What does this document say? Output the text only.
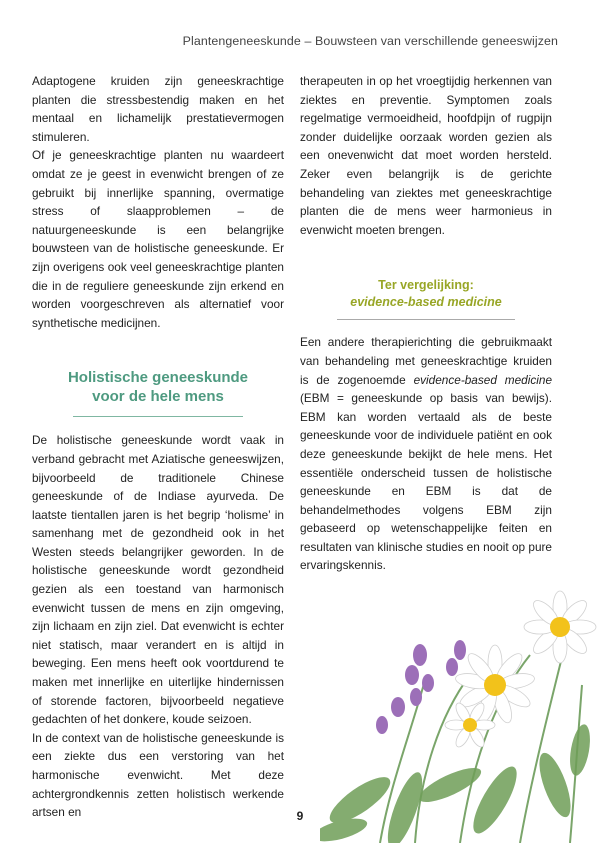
Plantengeneeskunde – Bouwsteen van verschillende geneeswijzen

Adaptogene kruiden zijn geneeskrachtige planten die stressbestendig maken en het mentaal en lichamelijk prestatievermogen stimuleren.

Of je geneeskrachtige planten nu waardeert omdat ze je geest in evenwicht brengen of ze gebruikt bij innerlijke spanning, overmatige stress of slaapproblemen – de natuurgeneeskunde is een belangrijke bouwsteen van de holistische geneeskunde. Er zijn overigens ook veel geneeskrachtige planten die in de reguliere geneeskunde zijn erkend en worden voorgeschreven als alternatief voor synthetische medicijnen.

Holistische geneeskunde
voor de hele mens

De holistische geneeskunde wordt vaak in verband gebracht met Aziatische geneeswijzen, bijvoorbeeld de traditionele Chinese geneeskunde of de Indiase ayurveda. De laatste tientallen jaren is het begrip ‘holisme’ in samenhang met de gezondheid ook in het Westen steeds belangrijker geworden. In de holistische geneeskunde wordt gezondheid gezien als een toestand van harmonisch evenwicht tussen de mens en zijn omgeving, zijn lichaam en zijn ziel. Dat evenwicht is echter niet statisch, maar verandert en is altijd in beweging. Een mens heeft ook voortdurend te maken met innerlijke en uiterlijke hindernissen of storende factoren, bijvoorbeeld negatieve gedachten of het donkere, koude seizoen.

In de context van de holistische geneeskunde is een ziekte dus een verstoring van het harmonische evenwicht. Met deze achtergrondkennis zetten holistisch werkende artsen en

therapeuten in op het vroegtijdig herkennen van ziektes en preventie. Symptomen zoals regelmatige vermoeidheid, hoofdpijn of rugpijn zonder duidelijke oorzaak worden gezien als een onevenwicht dat moet worden hersteld. Zeker even belangrijk is de gerichte behandeling van ziektes met geneeskrachtige planten die de mens weer harmonieus in evenwicht moeten brengen.

Ter vergelijking:
evidence-based medicine

Een andere therapierichting die gebruikmaakt van behandeling met geneeskrachtige kruiden is de zogenoemde evidence-based medicine (EBM = geneeskunde op basis van bewijs). EBM kan worden vertaald als de beste geneeskunde voor de individuele patiënt en ook deze geneeskunde bekijkt de hele mens. Het essentiële onderscheid tussen de holistische geneeskunde en EBM is dat de behandelmethodes volgens EBM zijn gebaseerd op wetenschappelijke feiten en resultaten van klinische studies en nooit op pure ervaringskennis.

9
